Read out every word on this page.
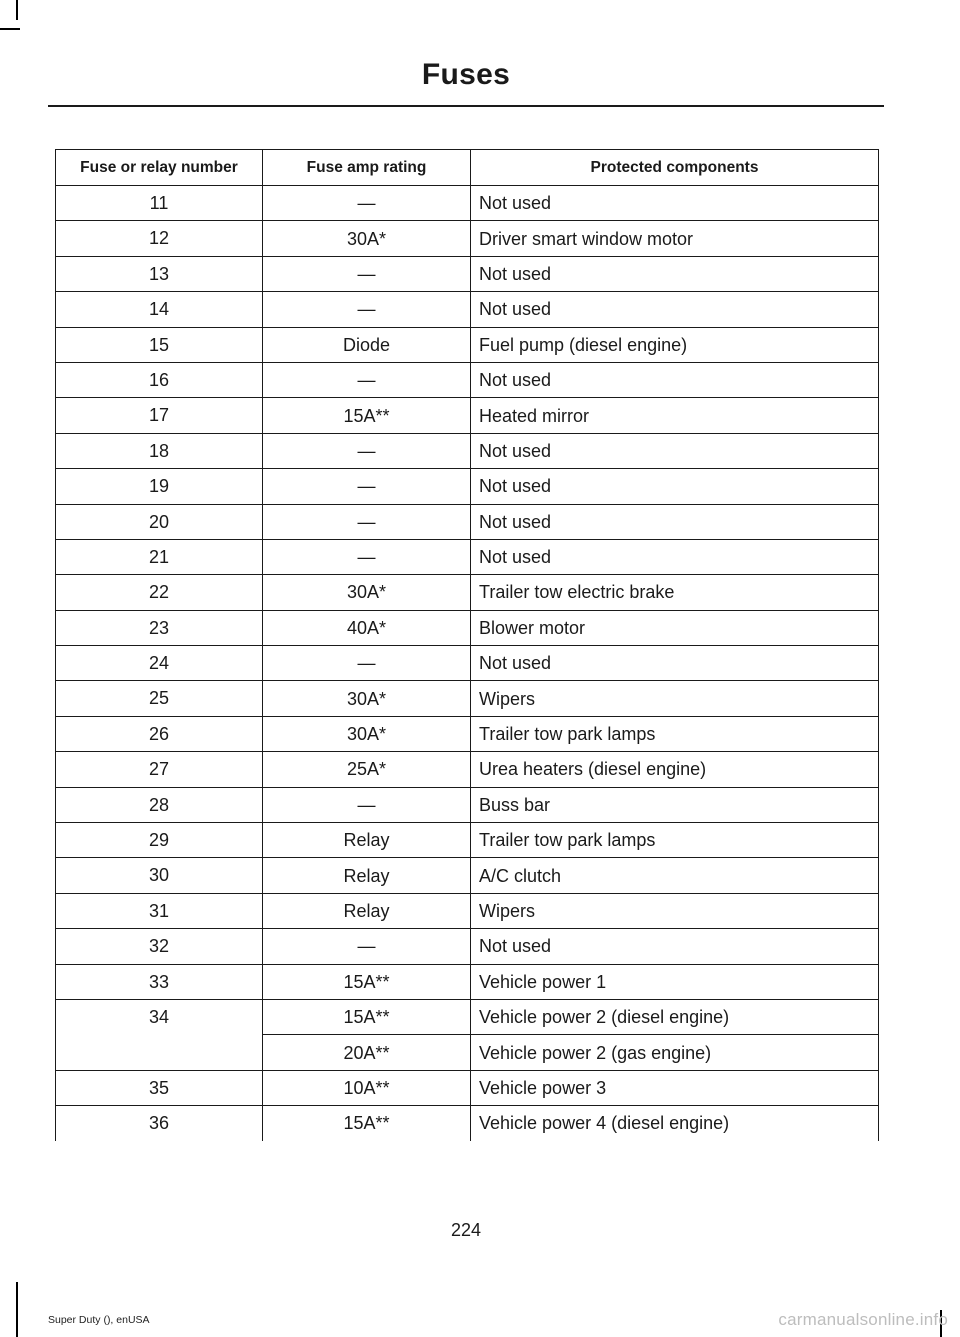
Fuses
Fuse or relay number	Fuse amp rating	Protected components
11	—	Not used
12	30A*	Driver smart window motor
13	—	Not used
14	—	Not used
15	Diode	Fuel pump (diesel engine)
16	—	Not used
17	15A**	Heated mirror
18	—	Not used
19	—	Not used
20	—	Not used
21	—	Not used
22	30A*	Trailer tow electric brake
23	40A*	Blower motor
24	—	Not used
25	30A*	Wipers
26	30A*	Trailer tow park lamps
27	25A*	Urea heaters (diesel engine)
28	—	Buss bar
29	Relay	Trailer tow park lamps
30	Relay	A/C clutch
31	Relay	Wipers
32	—	Not used
33	15A**	Vehicle power 1
34	15A**	Vehicle power 2 (diesel engine)
	20A**	Vehicle power 2 (gas engine)
35	10A**	Vehicle power 3
36	15A**	Vehicle power 4 (diesel engine)
224
Super Duty (), enUSA	carmanualsonline.info
